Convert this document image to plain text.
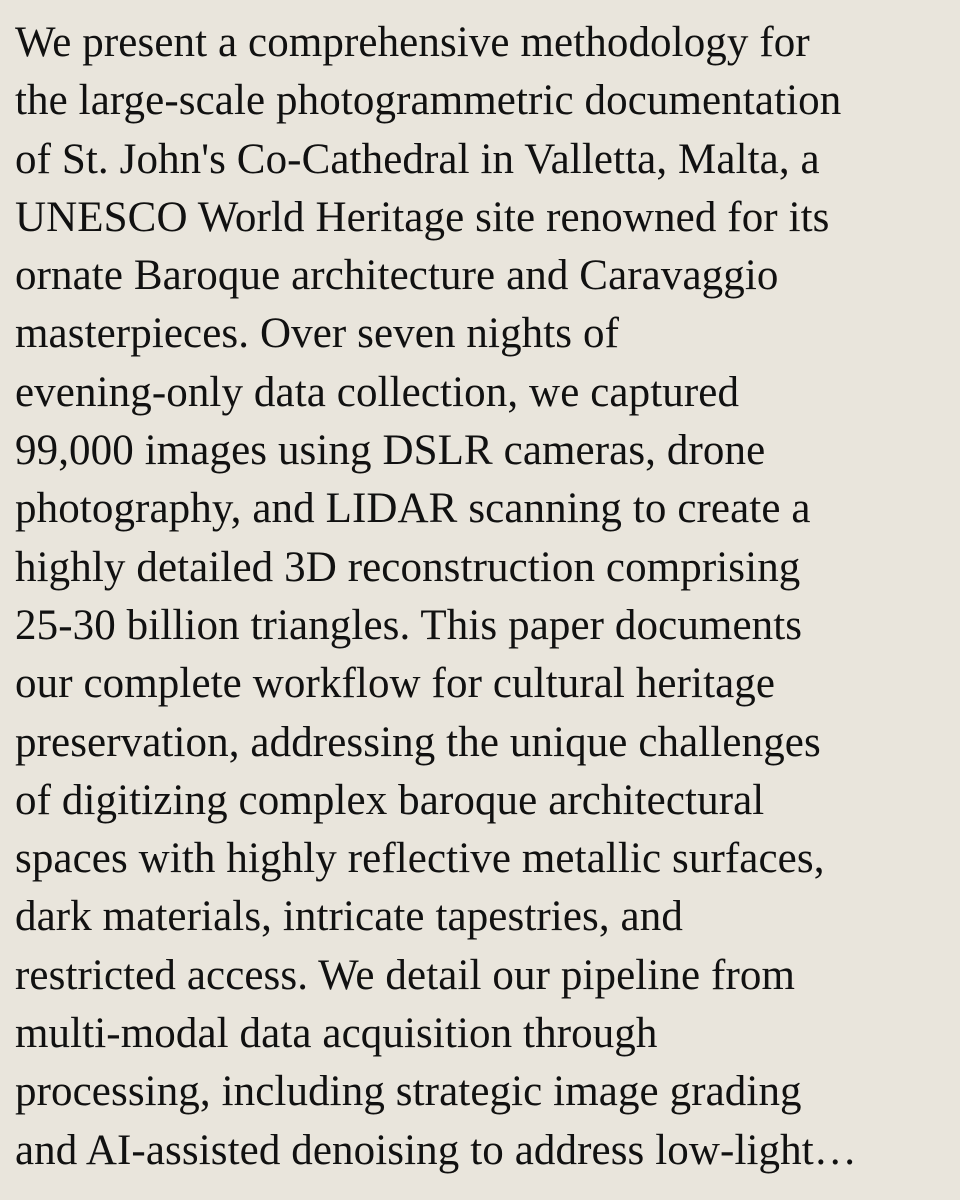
We present a comprehensive methodology for
the large-scale photogrammetric documentation
of St. John's Co-Cathedral in Valletta, Malta, a
UNESCO World Heritage site renowned for its
ornate Baroque architecture and Caravaggio
masterpieces. Over seven nights of
evening-only data collection, we captured
99,000 images using DSLR cameras, drone
photography, and LIDAR scanning to create a
highly detailed 3D reconstruction comprising
25-30 billion triangles. This paper documents
our complete workflow for cultural heritage
preservation, addressing the unique challenges
of digitizing complex baroque architectural
spaces with highly reflective metallic surfaces,
dark materials, intricate tapestries, and
restricted access. We detail our pipeline from
multi-modal data acquisition through
processing, including strategic image grading
and AI-assisted denoising to address low-light…
